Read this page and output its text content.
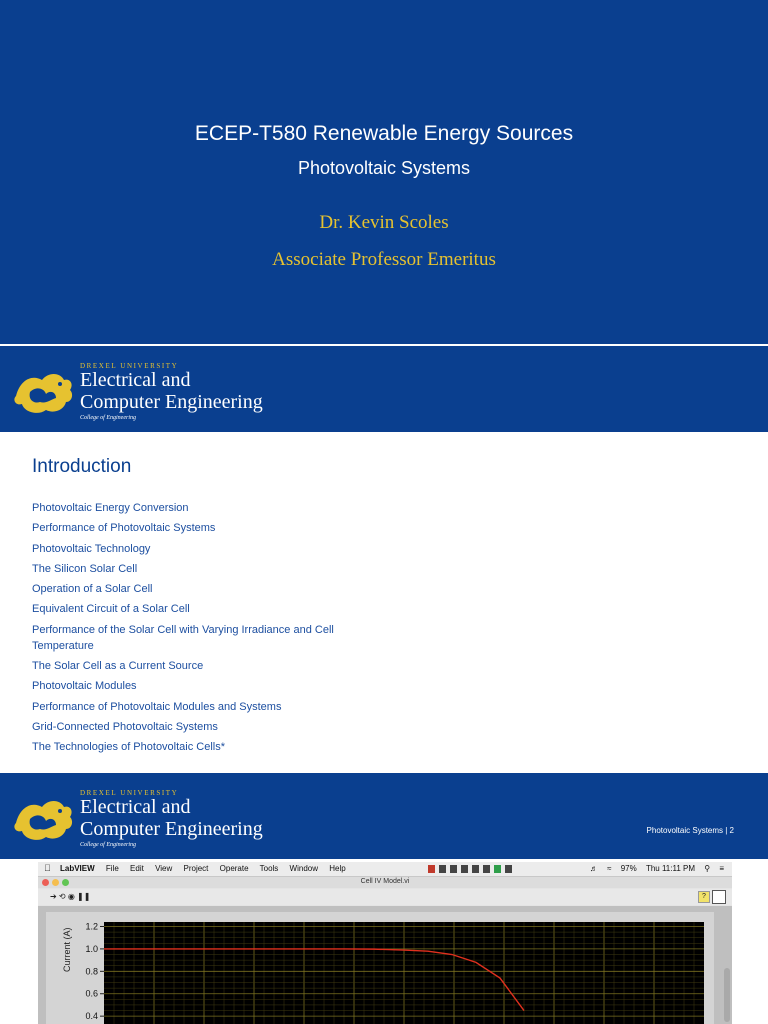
ECEP-T580 Renewable Energy Sources
Photovoltaic Systems
Dr. Kevin Scoles
Associate Professor Emeritus
DREXEL UNIVERSITY
Electrical and
Computer Engineering
College of Engineering
Introduction
Photovoltaic Energy Conversion
Performance of Photovoltaic Systems
Photovoltaic Technology
The Silicon Solar Cell
Operation of a Solar Cell
Equivalent Circuit of a Solar Cell
Performance of the Solar Cell with Varying Irradiance and Cell Temperature
The Solar Cell as a Current Source
Photovoltaic Modules
Performance of Photovoltaic Modules and Systems
Grid-Connected Photovoltaic Systems
The Technologies of Photovoltaic Cells*
DREXEL UNIVERSITY
Electrical and
Computer Engineering
College of Engineering
Photovoltaic Systems | 2
LabVIEW File Edit View Project Operate Tools Window Help	♬ ≈ 97% Thu 11:11 PM ⚲ ≡
Cell IV Model.vi
➔ ⟲ ◉ ❚❚	?
1.2
1.0
0.8
0.6
0.4
Current (A)
